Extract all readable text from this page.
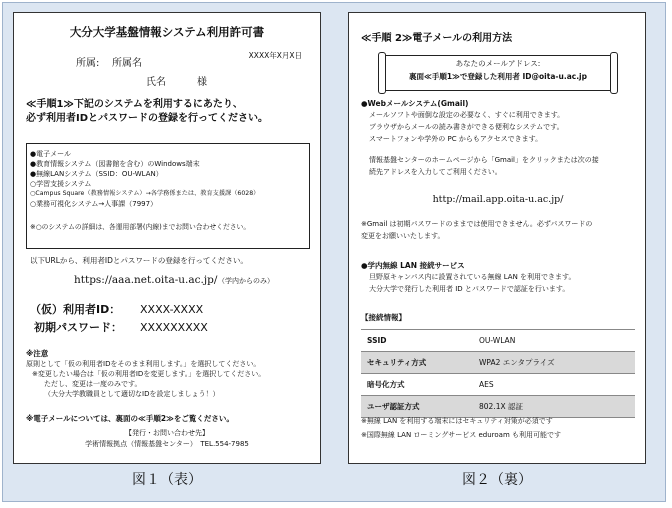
大分大学基盤情報システム利用許可書
XXXX年X月X日
所属: 所属名
氏名	様
≪手順1≫下記のシステムを利用するにあたり、
必ず利用者IDとパスワードの登録を行ってください。
●電子メール
●教育情報システム（図書館を含む）のWindows端末
●無線LANシステム（SSID：OU-WLAN）
○学習支援システム
○Campus Square（教務情報システム）→各学務係または、教育支援課（6028）
○業務可視化システム→人事課（7997）
※○のシステムの詳細は、各運用部署(内線)までお問い合わせください。
以下URLから、利用者IDとパスワードの登録を行ってください。
https://aaa.net.oita-u.ac.jp/ （学内からのみ）
（仮）利用者ID： XXXX-XXXX
初期パスワード： XXXXXXXXX
※注意
原則として「仮の利用者IDをそのまま利用します。」を選択してください。
※変更したい場合は「仮の利用者IDを変更します。」を選択してください。
ただし、変更は一度のみです。
（大分大学教職員として適切なIDを設定しましょう！）
※電子メールについては、裏面の≪手順2≫をご覧ください。
【発行・お問い合わせ先】
学術情報拠点（情報基盤センター）　TEL.554-7985
≪手順 2≫電子メールの利用方法
あなたのメールアドレス:
裏面≪手順1≫で登録した利用者 ID@oita-u.ac.jp
●Webメールシステム(Gmail)
メールソフトや面倒な設定の必要なく、すぐに利用できます。
ブラウザからメールの読み書きができる便利なシステムです。
スマートフォンや学外の PC からもアクセスできます。
情報基盤センターのホームページから「Gmail」をクリックまたは次の接
続先アドレスを入力してご利用ください。
http://mail.app.oita-u.ac.jp/
※Gmail は初期パスワードのままでは使用できません。必ずパスワードの
変更をお願いいたします。
●学内無線 LAN 接続サービス
旦野原キャンパス内に設置されている無線 LAN を利用できます。
大分大学で発行した利用者 ID とパスワードで認証を行います。
【接続情報】
SSID	OU-WLAN
セキュリティ方式	WPA2 エンタプライズ
暗号化方式	AES
ユーザ認証方式	802.1X 認証
※無線 LAN を利用する端末にはセキュリティ対策が必須です
※国際無線 LAN ローミングサービス eduroam も利用可能です
図１（表）	図２（裏）
